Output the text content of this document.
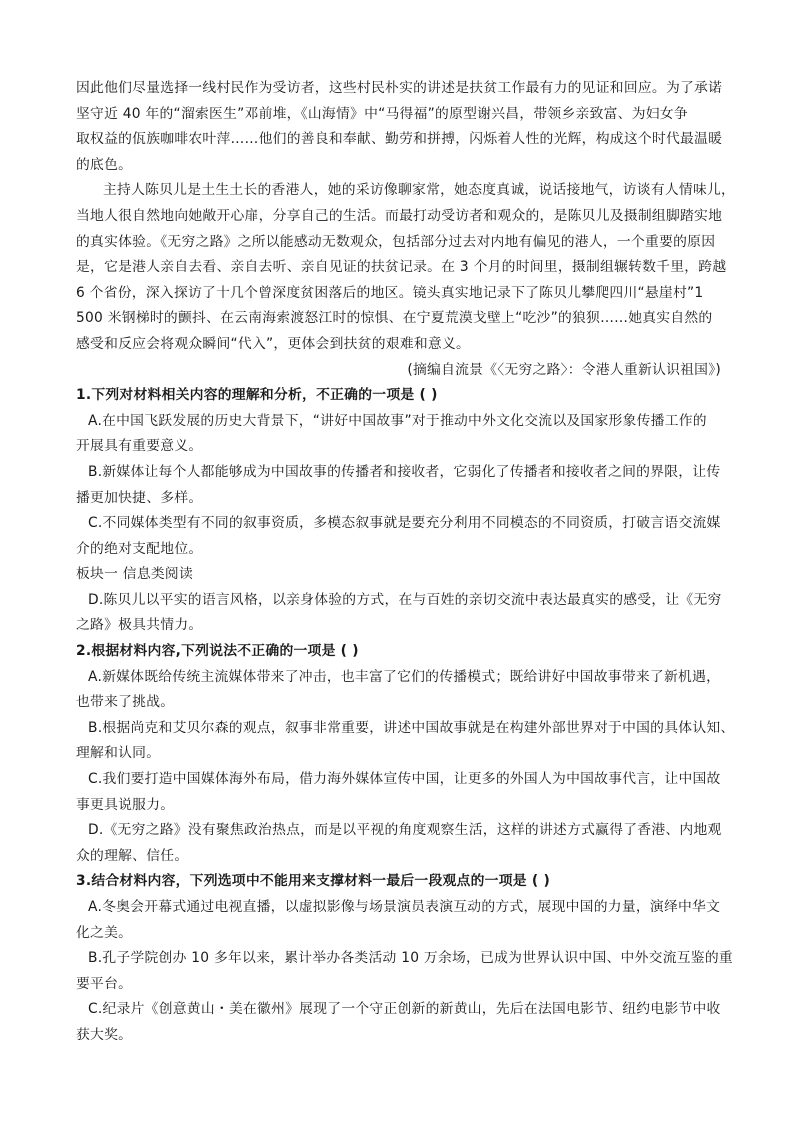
因此他们尽量选择一线村民作为受访者，这些村民朴实的讲述是扶贫工作最有力的见证和回应。为了承诺
坚守近 40 年的“溜索医生”邓前堆，《山海情》中“马得福”的原型谢兴昌，带领乡亲致富、为妇女争
取权益的佤族咖啡农叶萍……他们的善良和奉献、勤劳和拼搏，闪烁着人性的光辉，构成这个时代最温暖
的底色。
主持人陈贝儿是土生土长的香港人，她的采访像聊家常，她态度真诚，说话接地气，访谈有人情味儿，
当地人很自然地向她敞开心扉，分享自己的生活。而最打动受访者和观众的，是陈贝儿及摄制组脚踏实地
的真实体验。《无穷之路》之所以能感动无数观众，包括部分过去对内地有偏见的港人，一个重要的原因
是，它是港人亲自去看、亲自去听、亲自见证的扶贫记录。在 3 个月的时间里，摄制组辗转数千里，跨越
6 个省份，深入探访了十几个曾深度贫困落后的地区。镜头真实地记录下了陈贝儿攀爬四川“悬崖村”1
500 米钢梯时的颤抖、在云南海索渡怒江时的惊惧、在宁夏荒漠戈壁上“吃沙”的狼狈……她真实自然的
感受和反应会将观众瞬间“代入”，更体会到扶贫的艰难和意义。
(摘编自流景《〈无穷之路〉：令港人重新认识祖国》)
1.下列对材料相关内容的理解和分析，不正确的一项是 ( )
A.在中国飞跃发展的历史大背景下，“讲好中国故事”对于推动中外文化交流以及国家形象传播工作的
开展具有重要意义。
B.新媒体让每个人都能够成为中国故事的传播者和接收者，它弱化了传播者和接收者之间的界限，让传
播更加快捷、多样。
C.不同媒体类型有不同的叙事资质，多模态叙事就是要充分利用不同模态的不同资质，打破言语交流媒
介的绝对支配地位。
板块一 信息类阅读
D.陈贝儿以平实的语言风格，以亲身体验的方式，在与百姓的亲切交流中表达最真实的感受，让《无穷
之路》极具共情力。
2.根据材料内容,下列说法不正确的一项是 ( )
A.新媒体既给传统主流媒体带来了冲击，也丰富了它们的传播模式；既给讲好中国故事带来了新机遇，
也带来了挑战。
B.根据尚克和艾贝尔森的观点，叙事非常重要，讲述中国故事就是在构建外部世界对于中国的具体认知、
理解和认同。
C.我们要打造中国媒体海外布局，借力海外媒体宣传中国，让更多的外国人为中国故事代言，让中国故
事更具说服力。
D.《无穷之路》没有聚焦政治热点，而是以平视的角度观察生活，这样的讲述方式赢得了香港、内地观
众的理解、信任。
3.结合材料内容，下列选项中不能用来支撑材料一最后一段观点的一项是 ( )
A.冬奥会开幕式通过电视直播，以虚拟影像与场景演员表演互动的方式，展现中国的力量，演绎中华文
化之美。
B.孔子学院创办 10 多年以来，累计举办各类活动 10 万余场，已成为世界认识中国、中外交流互鉴的重
要平台。
C.纪录片《创意黄山・美在徽州》展现了一个守正创新的新黄山，先后在法国电影节、纽约电影节中收
获大奖。
